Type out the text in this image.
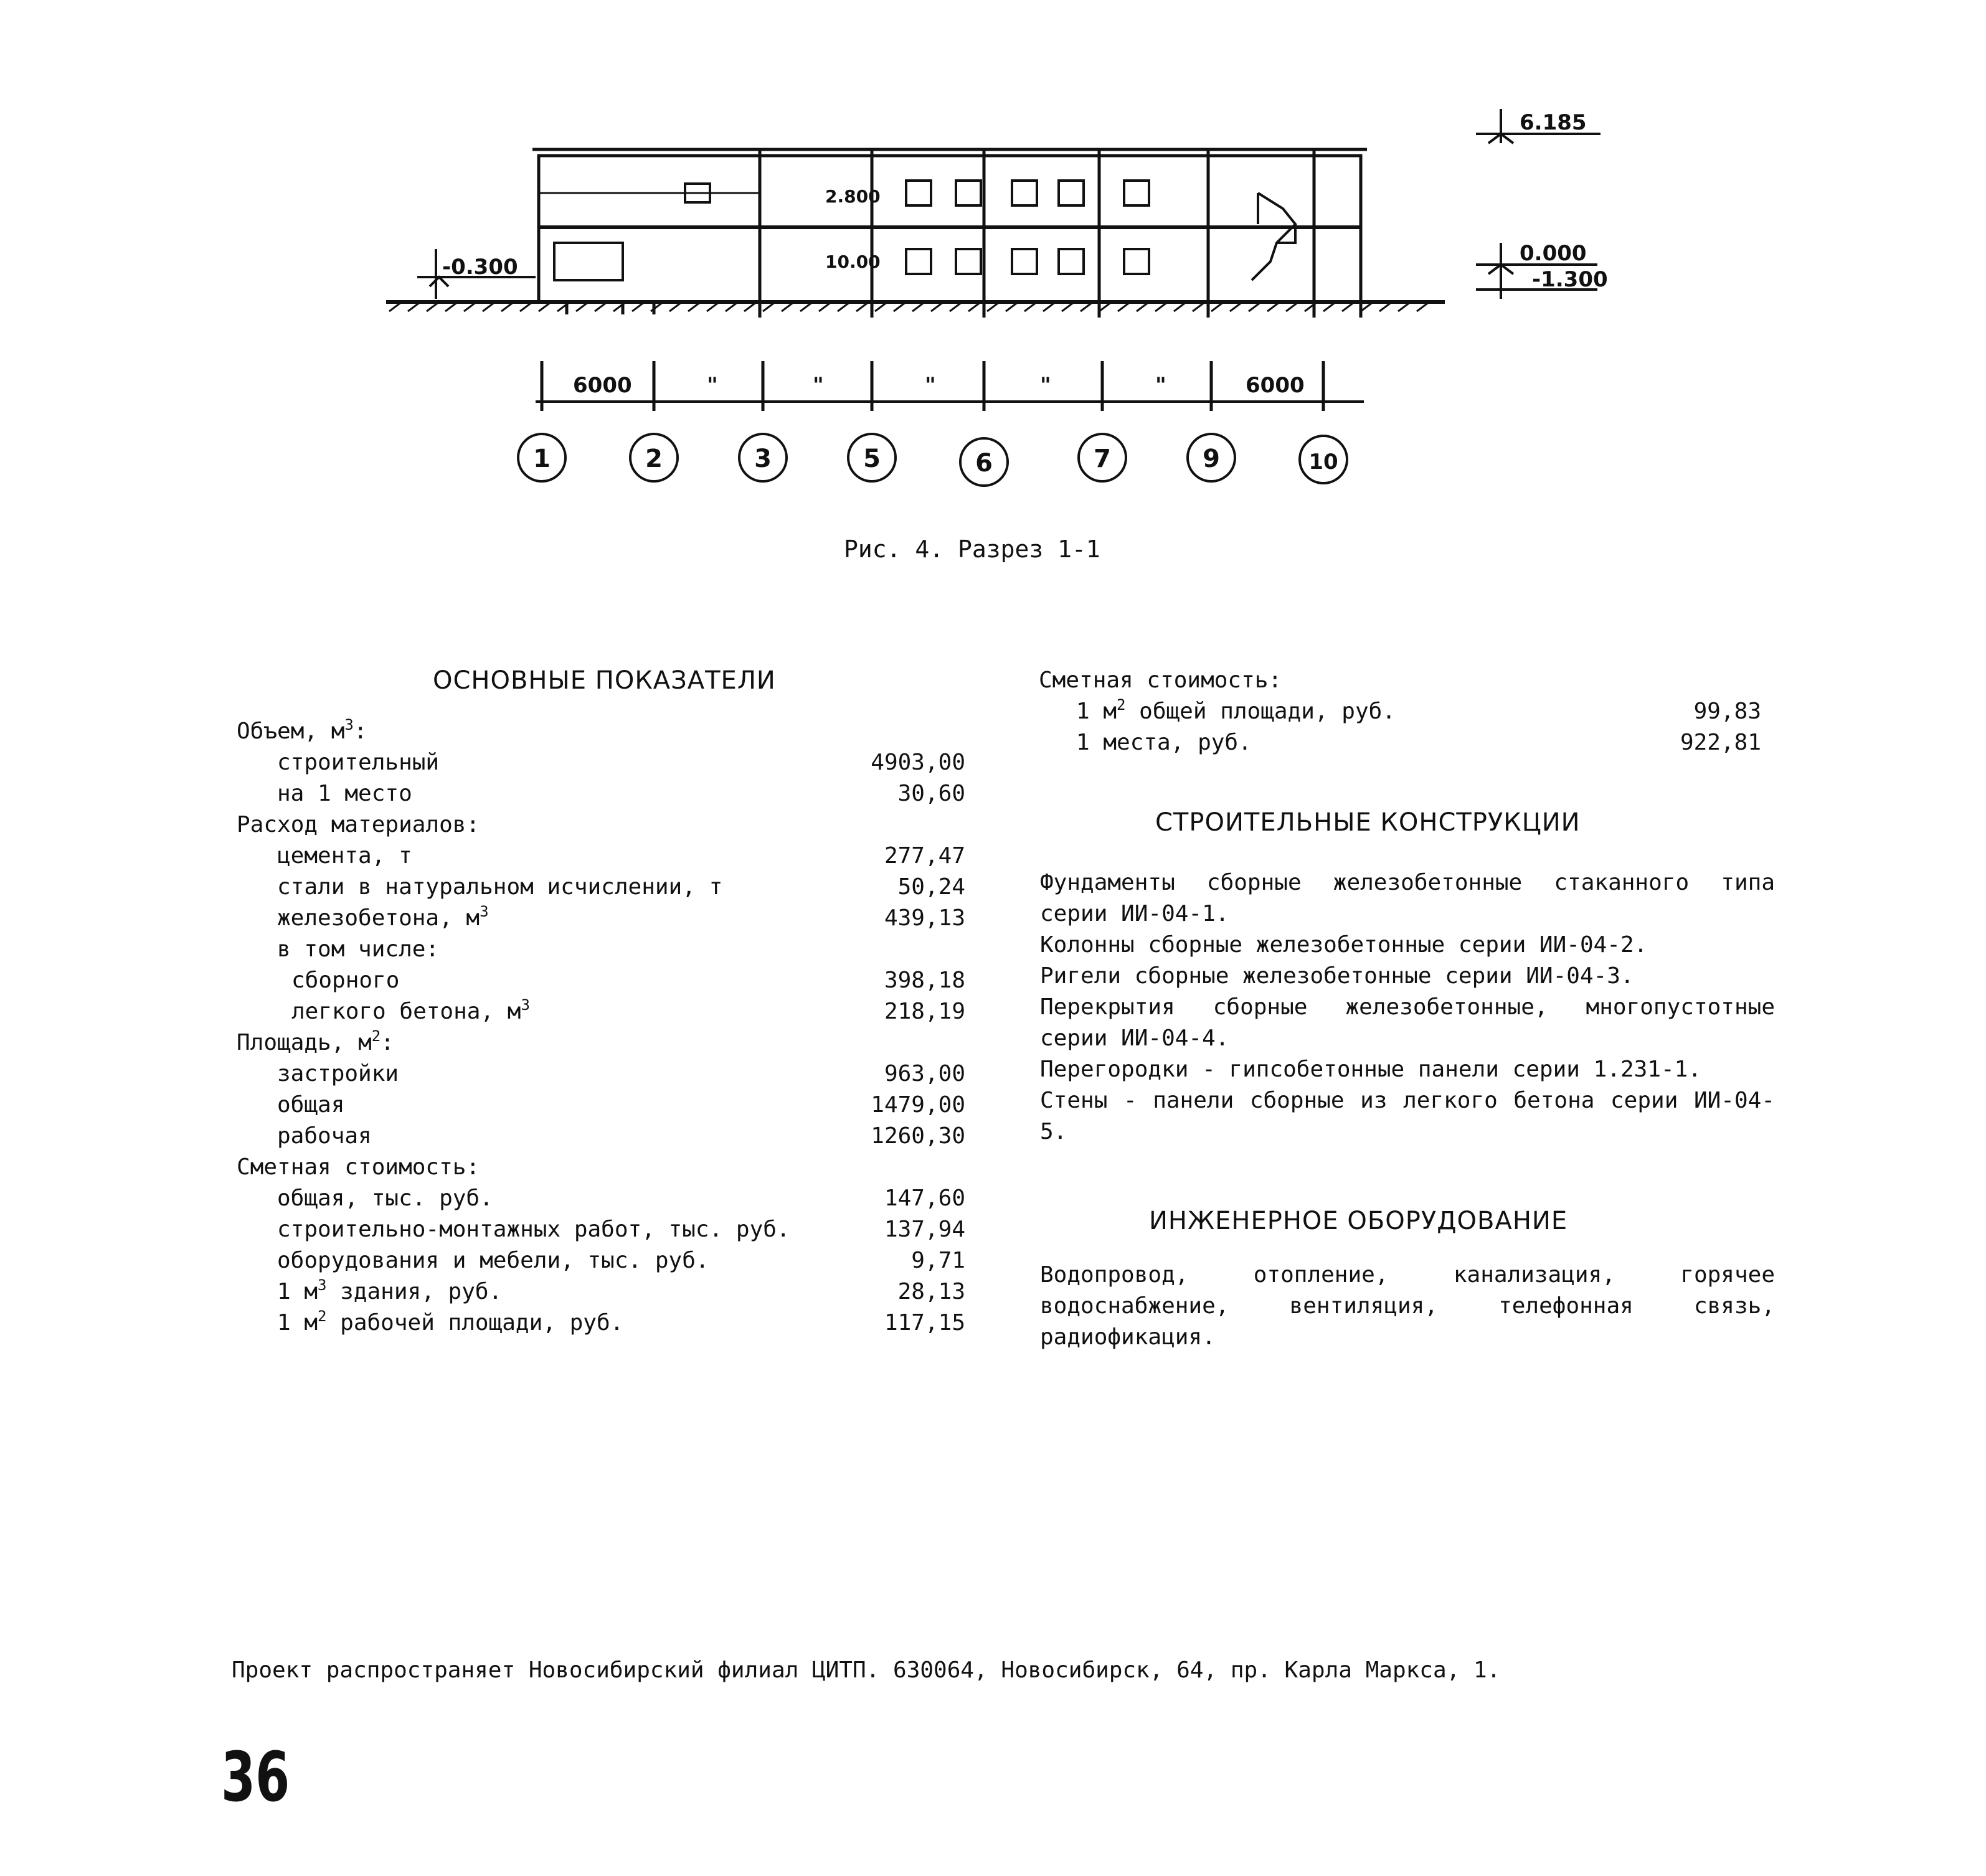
6.185
0.000
-1.300
-0.300
2.800
10.00
6000	"	"	"	"	"	6000
1	2	3	5	6	7	9	10
Рис. 4. Разрез 1-1
ОСНОВНЫЕ ПОКАЗАТЕЛИ
Объем, $м^3$:
строительный	4903,00
на 1 место	30,60
Расход материалов:
цемента, т	277,47
стали в натуральном исчислении, т	50,24
железобетона, $м^3$	439,13
в том числе:
сборного	398,18
легкого бетона, $м^3$	218,19
Площадь, $м^2$:
застройки	963,00
общая	1479,00
рабочая	1260,30
Сметная стоимость:
общая, тыс. руб.	147,60
строительно-монтажных работ, тыс. руб.	137,94
оборудования и мебели, тыс. руб.	9,71
1 $м^3$ здания, руб.	28,13
1 $м^2$ рабочей площади, руб.	117,15
Сметная стоимость:
1 $м^2$ общей площади, руб.	99,83
1 места, руб.	922,81
СТРОИТЕЛЬНЫЕ КОНСТРУКЦИИ

Фундаменты сборные железобетонные стаканного типа серии ИИ-04-1.

Колонны сборные железобетонные серии ИИ-04-2.

Ригели сборные железобетонные серии ИИ-04-3.

Перекрытия сборные железобетонные, многопустотные серии ИИ-04-4.

Перегородки - гипсобетонные панели серии 1.231-1.

Стены - панели сборные из легкого бетона серии ИИ-04-5.

ИНЖЕНЕРНОЕ ОБОРУДОВАНИЕ

Водопровод, отопление, канализация, горячее водоснабжение, вентиляция, телефонная связь, радиофикация.

Проект распространяет Новосибирский филиал ЦИТП. 630064, Новосибирск, 64, пр. Карла Маркса, 1.
36
